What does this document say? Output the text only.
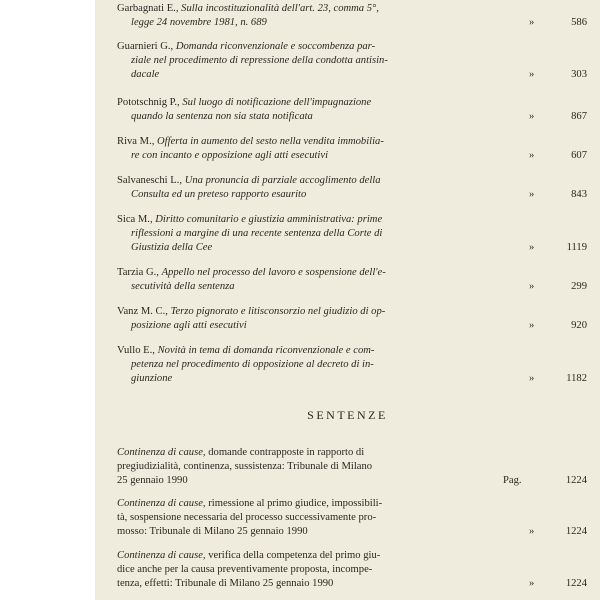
Garbagnati E., Sulla incostituzionalità dell'art. 23, comma 5°,
legge 24 novembre 1981, n. 689	»	586
Guarnieri G., Domanda riconvenzionale e soccombenza par-
ziale nel procedimento di repressione della condotta antisin-
dacale	»	303
Pototschnig P., Sul luogo di notificazione dell'impugnazione
quando la sentenza non sia stata notificata	»	867
Riva M., Offerta in aumento del sesto nella vendita immobilia-
re con incanto e opposizione agli atti esecutivi	»	607
Salvaneschi L., Una pronuncia di parziale accoglimento della
Consulta ed un preteso rapporto esaurito	»	843
Sica M., Diritto comunitario e giustizia amministrativa: prime
riflessioni a margine di una recente sentenza della Corte di
Giustizia della Cee	»	1119
Tarzia G., Appello nel processo del lavoro e sospensione dell'e-
secutività della sentenza	»	299
Vanz M. C., Terzo pignorato e litisconsorzio nel giudizio di op-
posizione agli atti esecutivi	»	920
Vullo E., Novità in tema di domanda riconvenzionale e com-
petenza nel procedimento di opposizione al decreto di in-
giunzione	»	1182
SENTENZE
Continenza di cause, domande contrapposte in rapporto di
pregiudizialità, continenza, sussistenza: Tribunale di Milano
25 gennaio 1990	Pag.	1224
Continenza di cause, rimessione al primo giudice, impossibili-
tà, sospensione necessaria del processo successivamente pro-
mosso: Tribunale di Milano 25 gennaio 1990	»	1224
Continenza di cause, verifica della competenza del primo giu-
dice anche per la causa preventivamente proposta, incompe-
tenza, effetti: Tribunale di Milano 25 gennaio 1990	»	1224
